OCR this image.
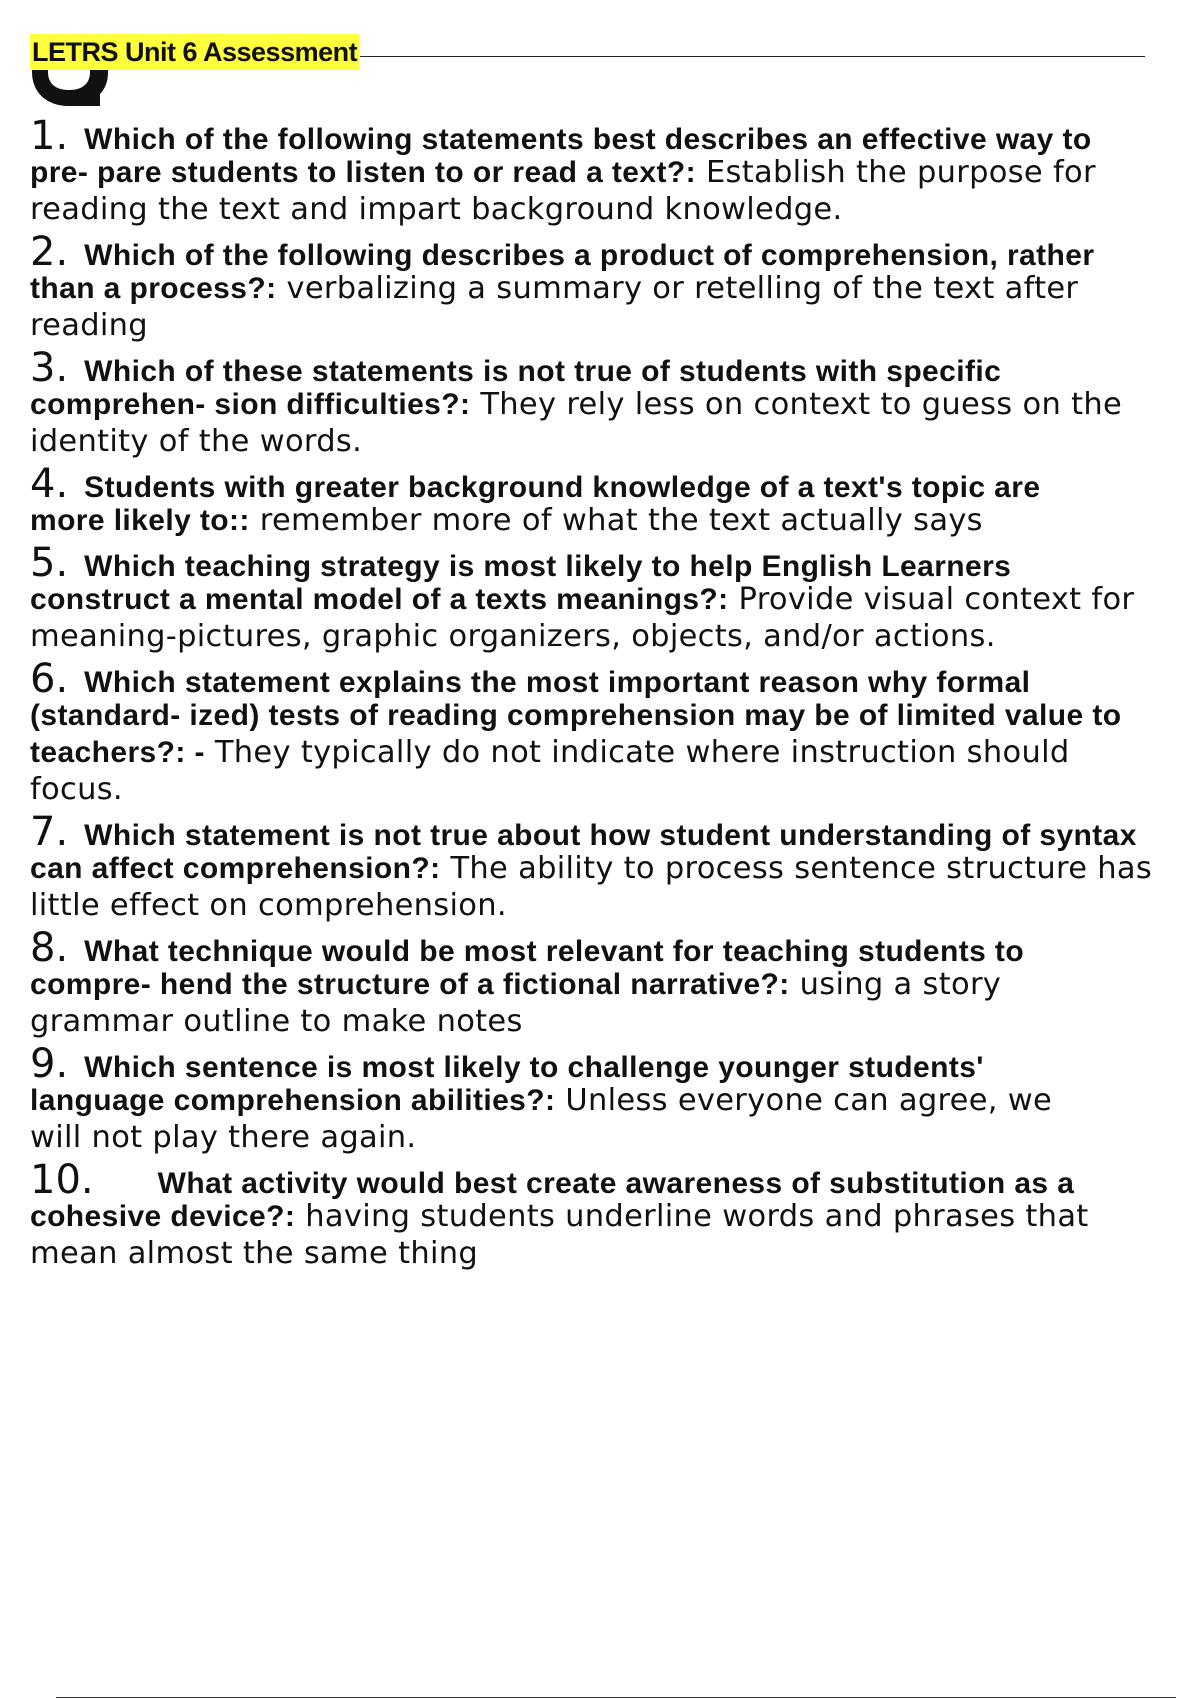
LETRS Unit 6 Assessment
1. Which of the following statements best describes an effective way to
pre- pare students to listen to or read a text?: Establish the purpose for
reading the text and impart background knowledge.
2. Which of the following describes a product of comprehension, rather
than a process?: verbalizing a summary or retelling of the text after
reading
3. Which of these statements is not true of students with specific
comprehen- sion difficulties?: They rely less on context to guess on the
identity of the words.
4. Students with greater background knowledge of a text's topic are
more likely to:: remember more of what the text actually says
5. Which teaching strategy is most likely to help English Learners
construct a mental model of a texts meanings?: Provide visual context for
meaning-pictures, graphic organizers, objects, and/or actions.
6. Which statement explains the most important reason why formal
(standard- ized) tests of reading comprehension may be of limited value to
teachers?: - They typically do not indicate where instruction should
focus.
7. Which statement is not true about how student understanding of syntax
can affect comprehension?: The ability to process sentence structure has
little effect on comprehension.
8. What technique would be most relevant for teaching students to
compre- hend the structure of a fictional narrative?: using a story
grammar outline to make notes
9. Which sentence is most likely to challenge younger students'
language comprehension abilities?: Unless everyone can agree, we
will not play there again.
10. What activity would best create awareness of substitution as a
cohesive device?: having students underline words and phrases that
mean almost the same thing
